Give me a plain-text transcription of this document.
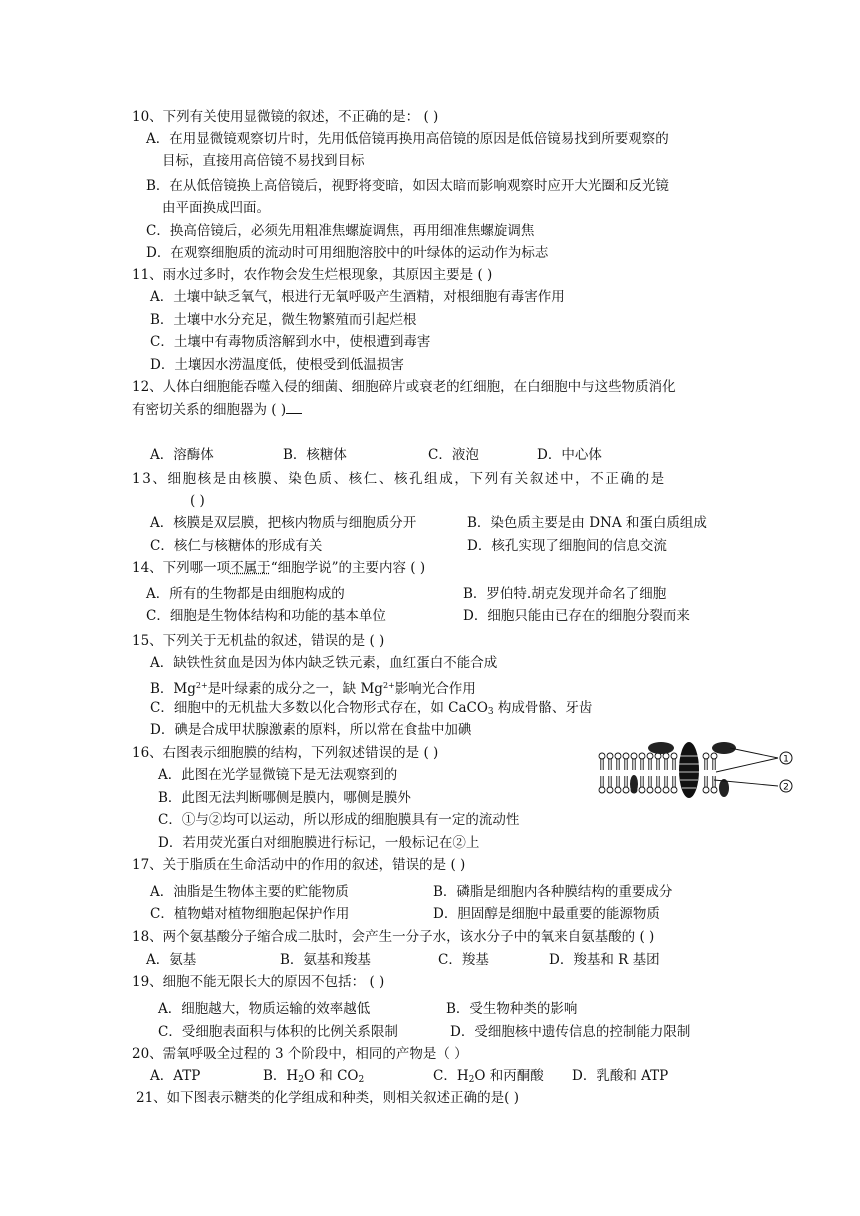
10、下列有关使用显微镜的叙述，不正确的是： ( )
A．在用显微镜观察切片时，先用低倍镜再换用高倍镜的原因是低倍镜易找到所要观察的
目标，直接用高倍镜不易找到目标
B．在从低倍镜换上高倍镜后，视野将变暗，如因太暗而影响观察时应开大光圈和反光镜
由平面换成凹面。
C．换高倍镜后，必须先用粗准焦螺旋调焦，再用细准焦螺旋调焦
D．在观察细胞质的流动时可用细胞溶胶中的叶绿体的运动作为标志
11、雨水过多时，农作物会发生烂根现象，其原因主要是 ( )
A．土壤中缺乏氧气，根进行无氧呼吸产生酒精，对根细胞有毒害作用
B．土壤中水分充足，微生物繁殖而引起烂根
C．土壤中有毒物质溶解到水中，使根遭到毒害
D．土壤因水涝温度低，使根受到低温损害
12、人体白细胞能吞噬入侵的细菌、细胞碎片或衰老的红细胞，在白细胞中与这些物质消化
有密切关系的细胞器为 ( )
A．溶酶体	B．核糖体	C．液泡	D．中心体
13、细胞核是由核膜、染色质、核仁、核孔组成，下列有关叙述中，不正确的是
( )
A．核膜是双层膜，把核内物质与细胞质分开	B．染色质主要是由 DNA 和蛋白质组成
C．核仁与核糖体的形成有关	D．核孔实现了细胞间的信息交流
14、下列哪一项不属于“细胞学说”的主要内容 ( )
A．所有的生物都是由细胞构成的	B．罗伯特.胡克发现并命名了细胞
C．细胞是生物体结构和功能的基本单位	D．细胞只能由已存在的细胞分裂而来
15、下列关于无机盐的叙述，错误的是 ( )
A．缺铁性贫血是因为体内缺乏铁元素，血红蛋白不能合成
B．$Mg^{2+}$是叶绿素的成分之一，缺 $Mg^{2+}$影响光合作用
C．细胞中的无机盐大多数以化合物形式存在，如 CaCO$_3$ 构成骨骼、牙齿
D．碘是合成甲状腺激素的原料，所以常在食盐中加碘
16、右图表示细胞膜的结构，下列叙述错误的是 ( )
A．此图在光学显微镜下是无法观察到的
B．此图无法判断哪侧是膜内，哪侧是膜外
C．①与②均可以运动，所以形成的细胞膜具有一定的流动性
D．若用荧光蛋白对细胞膜进行标记，一般标记在②上
1
2
17、关于脂质在生命活动中的作用的叙述，错误的是 ( )
A．油脂是生物体主要的贮能物质	B．磷脂是细胞内各种膜结构的重要成分
C．植物蜡对植物细胞起保护作用	D．胆固醇是细胞中最重要的能源物质
18、两个氨基酸分子缩合成二肽时，会产生一分子水，该水分子中的氧来自氨基酸的 ( )
A．氨基	B．氨基和羧基	C．羧基	D．羧基和 R 基团
19、细胞不能无限长大的原因不包括： ( )
A．细胞越大，物质运输的效率越低	B．受生物种类的影响
C．受细胞表面积与体积的比例关系限制	D．受细胞核中遗传信息的控制能力限制
20、需氧呼吸全过程的 3 个阶段中，相同的产物是（ ）
A．ATP	B．$H_2O$ 和 $CO_2$	C．$H_2O$ 和丙酮酸 D．乳酸和 ATP
21、如下图表示糖类的化学组成和种类，则相关叙述正确的是( )
